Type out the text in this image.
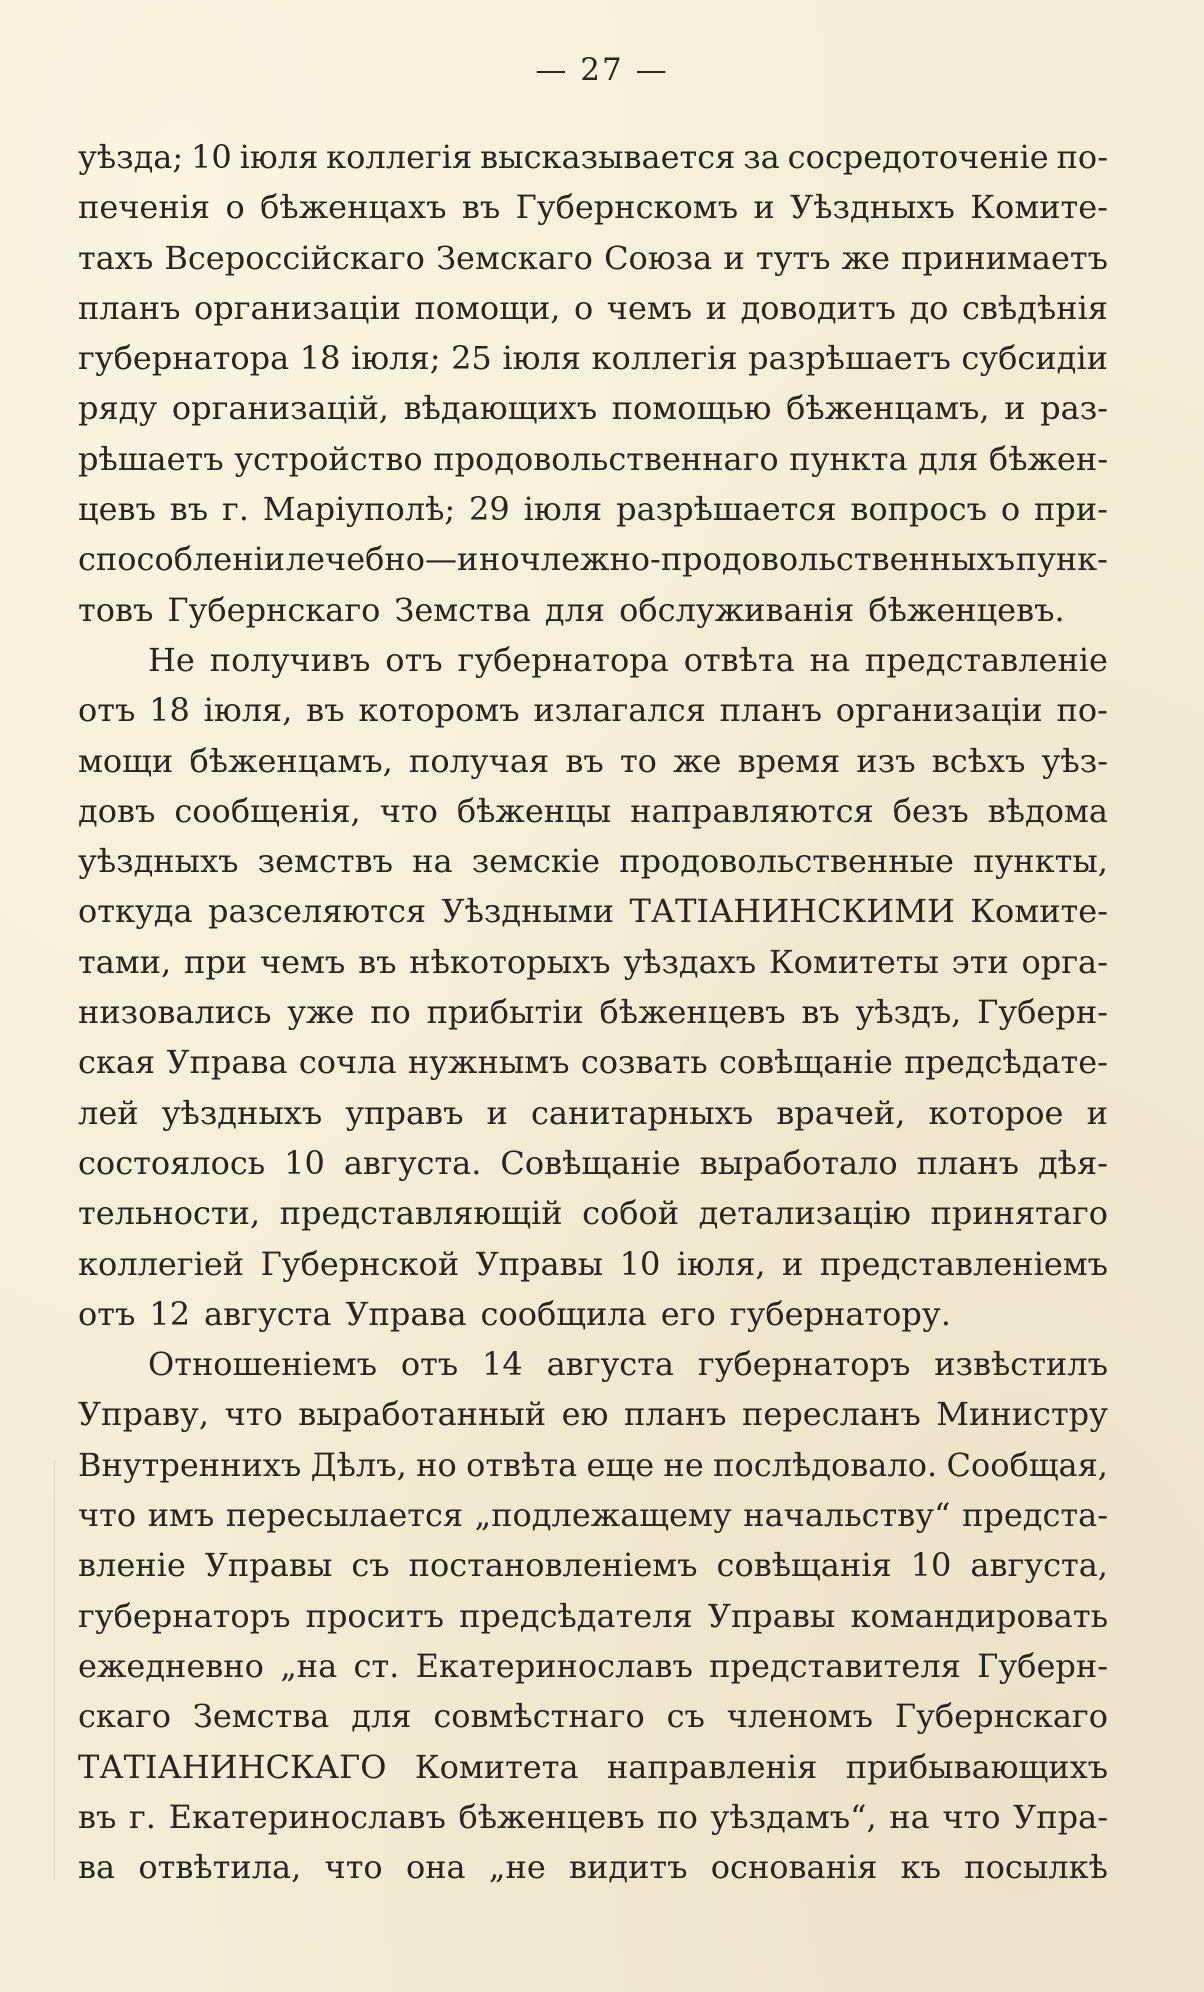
— 27 —
уѣзда; 10 іюля коллегія высказывается за сосредоточеніе по-
печенія о бѣженцахъ въ Губернскомъ и Уѣздныхъ Комите-
тахъ Всероссійскаго Земскаго Союза и тутъ же принимаетъ
планъ организаціи помощи, о чемъ и доводитъ до свѣдѣнія
губернатора 18 іюля; 25 іюля коллегія разрѣшаетъ субсидіи
ряду организацій, вѣдающихъ помощью бѣженцамъ, и раз-
рѣшаетъ устройство продовольственнаго пункта для бѣжен-
цевъ въ г. Маріуполѣ; 29 іюля разрѣшается вопросъ о при-
способленіи лечебно—и ночлежно-продовольственныхъ пунк-
товъ Губернскаго Земства для обслуживанія бѣженцевъ.
Не получивъ отъ губернатора отвѣта на представленіе
отъ 18 іюля, въ которомъ излагался планъ организаціи по-
мощи бѣженцамъ, получая въ то же время изъ всѣхъ уѣз-
довъ сообщенія, что бѣженцы направляются безъ вѣдома
уѣздныхъ земствъ на земскіе продовольственные пункты,
откуда разселяются Уѣздными ТАТІАНИНСКИМИ Комите-
тами, при чемъ въ нѣкоторыхъ уѣздахъ Комитеты эти орга-
низовались уже по прибытіи бѣженцевъ въ уѣздъ, Губерн-
ская Управа сочла нужнымъ созвать совѣщаніе предсѣдате-
лей уѣздныхъ управъ и санитарныхъ врачей, которое и
состоялось 10 августа. Совѣщаніе выработало планъ дѣя-
тельности, представляющій собой детализацію принятаго
коллегіей Губернской Управы 10 іюля, и представленіемъ
отъ 12 августа Управа сообщила его губернатору.
Отношеніемъ отъ 14 августа губернаторъ извѣстилъ
Управу, что выработанный ею планъ пересланъ Министру
Внутреннихъ Дѣлъ, но отвѣта еще не послѣдовало. Сообщая,
что имъ пересылается „подлежащему начальству“ предста-
вленіе Управы съ постановленіемъ совѣщанія 10 августа,
губернаторъ проситъ предсѣдателя Управы командировать
ежедневно „на ст. Екатеринославъ представителя Губерн-
скаго Земства для совмѣстнаго съ членомъ Губернскаго
ТАТІАНИНСКАГО Комитета направленія прибывающихъ
въ г. Екатеринославъ бѣженцевъ по уѣздамъ“, на что Упра-
ва отвѣтила, что она „не видитъ основанія къ посылкѣ
